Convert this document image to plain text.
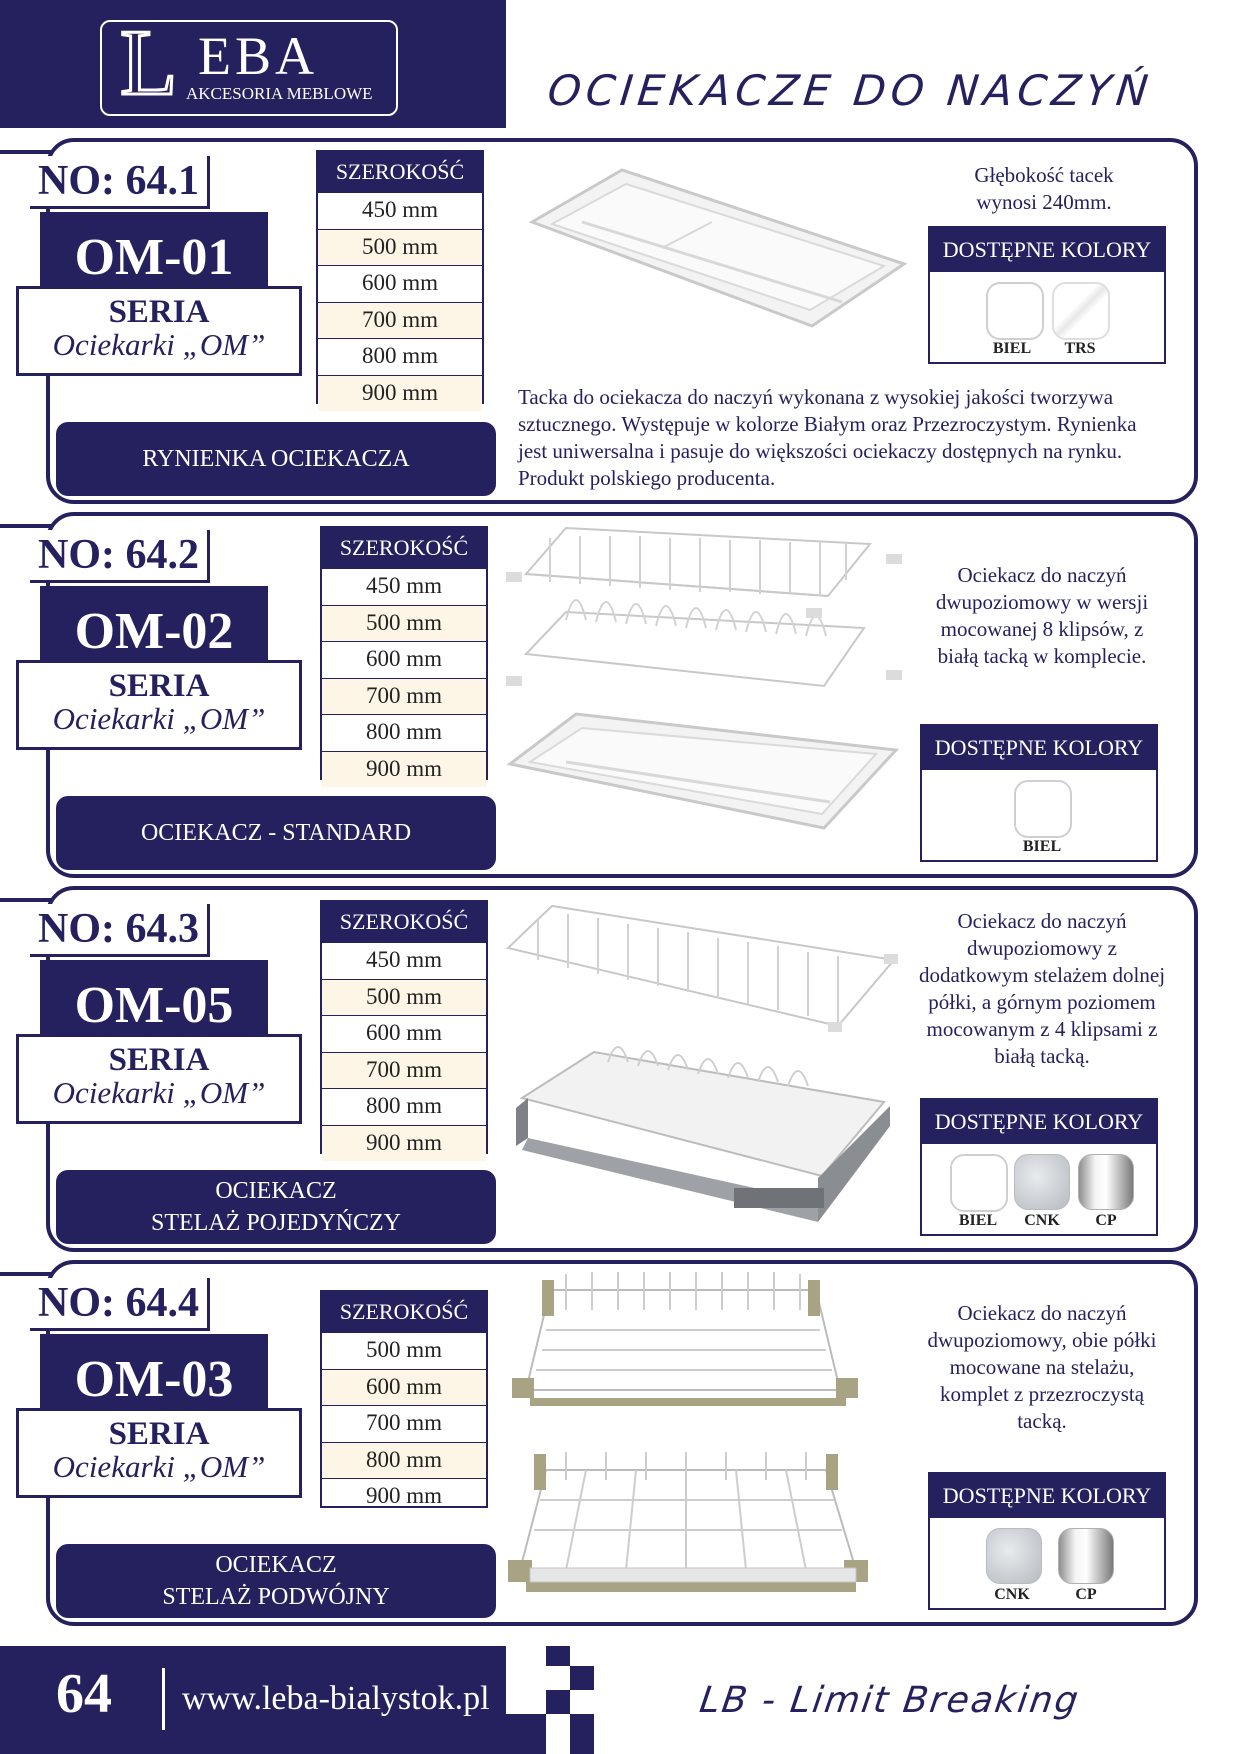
L EBA
AKCESORIA MEBLOWE	OCIEKACZE DO NACZYŃ
NO: 64.1
OM-01
SERIA
Ociekarki „OM”
RYNIENKA OCIEKACZA
SZEROKOŚĆ
450 mm
500 mm
600 mm
700 mm
800 mm
900 mm
Głębokość tacek wynosi 240mm.
DOSTĘPNE KOLORY
BIEL	TRS
Tacka do ociekacza do naczyń wykonana z wysokiej jakości tworzywa sztucznego. Występuje w kolorze Białym oraz Przezroczystym. Rynienka jest uniwersalna i pasuje do większości ociekaczy dostępnych na rynku. Produkt polskiego producenta.
NO: 64.2
OM-02
SERIA
Ociekarki „OM”
OCIEKACZ - STANDARD
SZEROKOŚĆ
450 mm
500 mm
600 mm
700 mm
800 mm
900 mm
Ociekacz do naczyń dwupoziomowy w wersji mocowanej 8 klipsów, z białą tacką w komplecie.
DOSTĘPNE KOLORY
BIEL
NO: 64.3
OM-05
SERIA
Ociekarki „OM”
OCIEKACZ
STELAŻ POJEDYŃCZY
SZEROKOŚĆ
450 mm
500 mm
600 mm
700 mm
800 mm
900 mm
Ociekacz do naczyń dwupoziomowy z dodatkowym stelażem dolnej półki, a górnym poziomem mocowanym z 4 klipsami z białą tacką.
DOSTĘPNE KOLORY
BIEL	CNK	CP
NO: 64.4
OM-03
SERIA
Ociekarki „OM”
OCIEKACZ
STELAŻ PODWÓJNY
SZEROKOŚĆ
500 mm
600 mm
700 mm
800 mm
900 mm
Ociekacz do naczyń dwupoziomowy, obie półki mocowane na stelażu, komplet z przezroczystą tacką.
DOSTĘPNE KOLORY
CNK	CP
64 www.leba-bialystok.pl	LB - Limit Breaking
